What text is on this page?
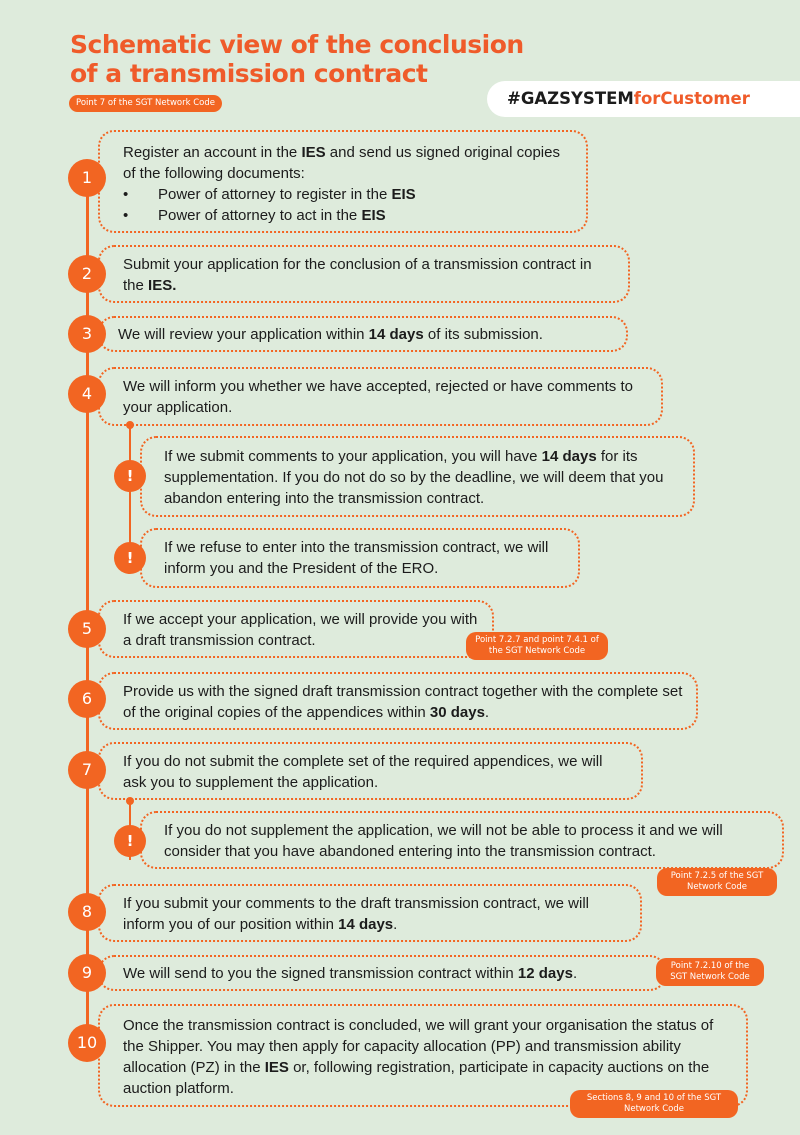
Schematic view of the conclusion
of a transmission contract
Point 7 of the SGT Network Code	#GAZSYSTEMforCustomer
Register an account in the IES and send us signed original copies of the following documents:
•	Power of attorney to register in the EIS
•	Power of attorney to act in the EIS
1
Submit your application for the conclusion of a transmission contract in the IES.
2
We will review your application within 14 days of its submission.
3
We will inform you whether we have accepted, rejected or have comments to your application.
4
If we submit comments to your application, you will have 14 days for its supplementation. If you do not do so by the deadline, we will deem that you abandon entering into the transmission contract.
!
If we refuse to enter into the transmission contract, we will inform you and the President of the ERO.
!
If we accept your application, we will provide you with a draft transmission contract.
5
Point 7.2.7 and point 7.4.1 of the SGT Network Code
Provide us with the signed draft transmission contract together with the complete set of the original copies of the appendices within 30 days.
6
If you do not submit the complete set of the required appendices, we will ask you to supplement the application.
7
If you do not supplement the application, we will not be able to process it and we will consider that you have abandoned entering into the transmission contract.
!
Point 7.2.5 of the SGT Network Code
If you submit your comments to the draft transmission contract, we will inform you of our position within 14 days.
8
We will send to you the signed transmission contract within 12 days.
9	Point 7.2.10 of the SGT Network Code
Once the transmission contract is concluded, we will grant your organisation the status of the Shipper. You may then apply for capacity allocation (PP) and transmission ability allocation (PZ) in the IES or, following registration, participate in capacity auctions on the auction platform.
10
Sections 8, 9 and 10 of the SGT Network Code
